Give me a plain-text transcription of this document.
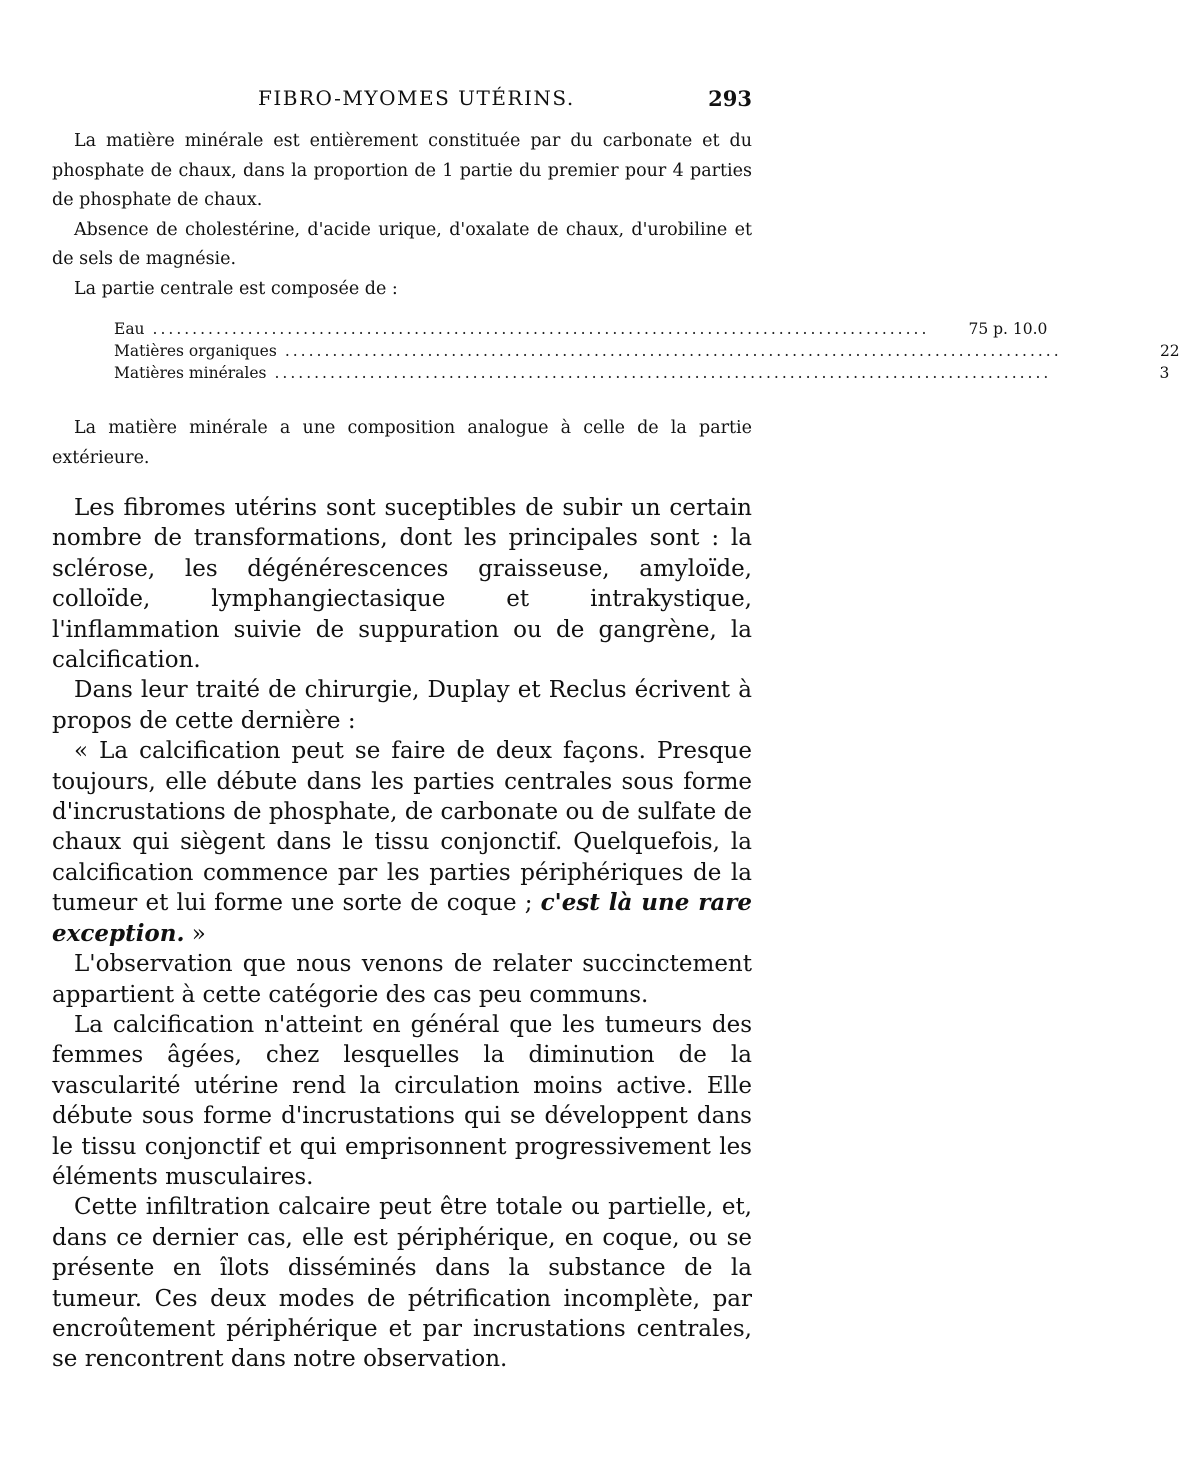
FIBRO-MYOMES UTÉRINS.	293

La matière minérale est entièrement constituée par du carbonate et du phosphate de chaux, dans la proportion de 1 partie du premier pour 4 parties de phosphate de chaux.

Absence de cholestérine, d'acide urique, d'oxalate de chaux, d'urobiline et de sels de magnésie.

La partie centrale est composée de :

Eau ..................................................................................................	75 p. 10.0
Matières organiques ..................................................................................................	22
Matières minérales ..................................................................................................	3

La matière minérale a une composition analogue à celle de la partie extérieure.

Les fibromes utérins sont suceptibles de subir un certain nombre de transformations, dont les principales sont : la sclérose, les dégénérescences graisseuse, amyloïde, colloïde, lymphangiectasique et intrakystique, l'inflammation suivie de suppuration ou de gangrène, la calcification.

Dans leur traité de chirurgie, Duplay et Reclus écrivent à propos de cette dernière :

« La calcification peut se faire de deux façons. Presque toujours, elle débute dans les parties centrales sous forme d'incrustations de phosphate, de carbonate ou de sulfate de chaux qui siègent dans le tissu conjonctif. Quelquefois, la calcification commence par les parties périphériques de la tumeur et lui forme une sorte de coque ; c'est là une rare exception. »

L'observation que nous venons de relater succinctement appartient à cette catégorie des cas peu communs.

La calcification n'atteint en général que les tumeurs des femmes âgées, chez lesquelles la diminution de la vascularité utérine rend la circulation moins active. Elle débute sous forme d'incrustations qui se développent dans le tissu conjonctif et qui emprisonnent progressivement les éléments musculaires.

Cette infiltration calcaire peut être totale ou partielle, et, dans ce dernier cas, elle est périphérique, en coque, ou se présente en îlots disséminés dans la substance de la tumeur. Ces deux modes de pétrification incomplète, par encroûtement périphérique et par incrustations centrales, se rencontrent dans notre observation.
